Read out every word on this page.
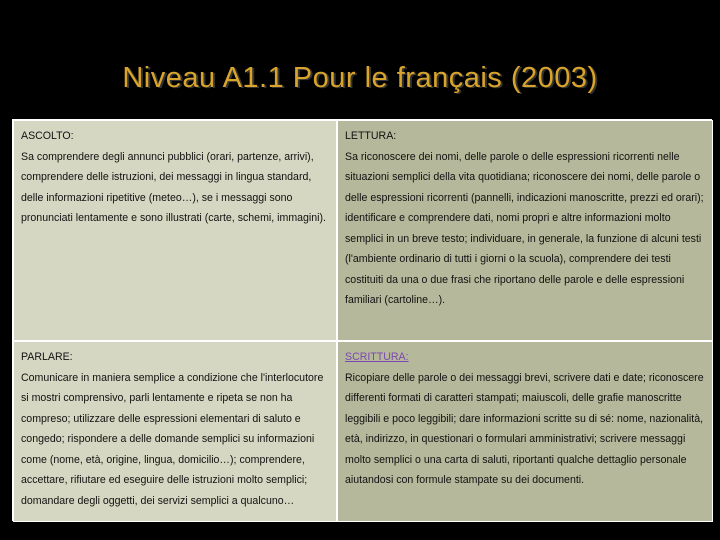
Niveau A1.1 Pour le français (2003)
ASCOLTO:
Sa comprendere degli annunci pubblici (orari, partenze, arrivi), comprendere delle istruzioni, dei messaggi in lingua standard, delle informazioni ripetitive (meteo…), se i messaggi sono pronunciati lentamente e sono illustrati (carte, schemi, immagini).
LETTURA:
Sa riconoscere dei nomi, delle parole o delle espressioni ricorrenti nelle situazioni semplici della vita quotidiana; riconoscere dei nomi, delle parole o delle espressioni ricorrenti (pannelli, indicazioni manoscritte, prezzi ed orari); identificare e comprendere dati, nomi propri e altre informazioni molto semplici in un breve testo; individuare, in generale, la funzione di alcuni testi (l'ambiente ordinario di tutti i giorni o la scuola), comprendere dei testi costituiti da una o due frasi che riportano delle parole e delle espressioni familiari (cartoline…).
PARLARE:
Comunicare in maniera semplice a condizione che l'interlocutore si mostri comprensivo, parli lentamente e ripeta se non ha compreso; utilizzare delle espressioni elementari di saluto e congedo; rispondere a delle domande semplici su informazioni come (nome, età, origine, lingua, domicilio…); comprendere, accettare, rifiutare ed eseguire delle istruzioni molto semplici; domandare degli oggetti, dei servizi semplici a qualcuno…
SCRITTURA:
Ricopiare delle parole o dei messaggi brevi, scrivere dati e date; riconoscere differenti formati di caratteri stampati; maiuscoli, delle grafie manoscritte leggibili e poco leggibili; dare informazioni scritte su di sé: nome, nazionalità, età, indirizzo, in questionari o formulari amministrativi; scrivere messaggi molto semplici o una carta di saluti, riportanti qualche dettaglio personale aiutandosi con formule stampate su dei documenti.
